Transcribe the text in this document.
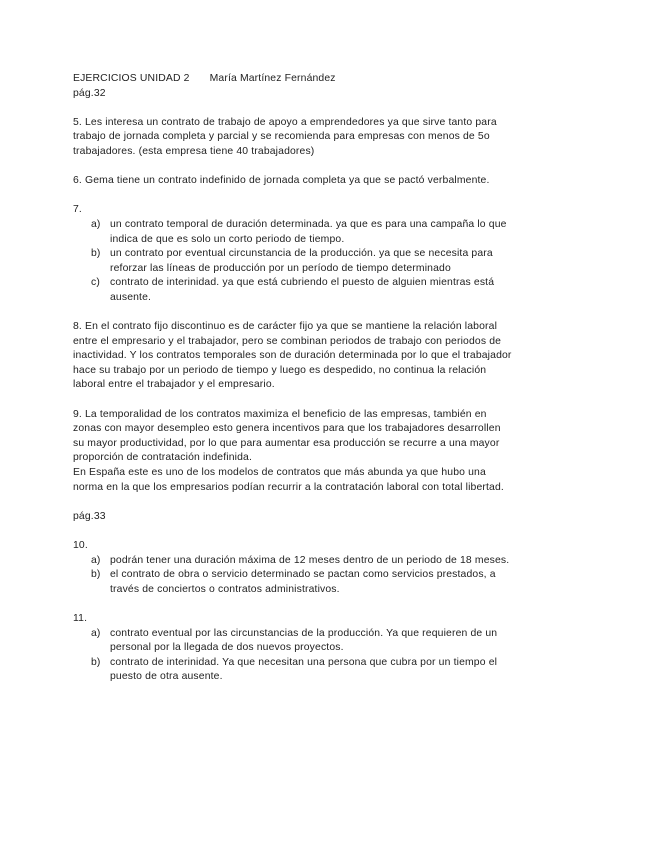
EJERCICIOS UNIDAD 2 María Martínez Fernández
pág.32
5. Les interesa un contrato de trabajo de apoyo a emprendedores ya que sirve tanto para
trabajo de jornada completa y parcial y se recomienda para empresas con menos de 5o
trabajadores. (esta empresa tiene 40 trabajadores)
6. Gema tiene un contrato indefinido de jornada completa ya que se pactó verbalmente.
7.
a) un contrato temporal de duración determinada. ya que es para una campaña lo que
indica de que es solo un corto periodo de tiempo.
b) un contrato por eventual circunstancia de la producción. ya que se necesita para
reforzar las líneas de producción por un período de tiempo determinado
c) contrato de interinidad. ya que está cubriendo el puesto de alguien mientras está
ausente.
8. En el contrato fijo discontinuo es de carácter fijo ya que se mantiene la relación laboral
entre el empresario y el trabajador, pero se combinan periodos de trabajo con periodos de
inactividad. Y los contratos temporales son de duración determinada por lo que el trabajador
hace su trabajo por un periodo de tiempo y luego es despedido, no continua la relación
laboral entre el trabajador y el empresario.
9. La temporalidad de los contratos maximiza el beneficio de las empresas, también en
zonas con mayor desempleo esto genera incentivos para que los trabajadores desarrollen
su mayor productividad, por lo que para aumentar esa producción se recurre a una mayor
proporción de contratación indefinida.
En España este es uno de los modelos de contratos que más abunda ya que hubo una
norma en la que los empresarios podían recurrir a la contratación laboral con total libertad.
pág.33
10.
a) podrán tener una duración máxima de 12 meses dentro de un periodo de 18 meses.
b) el contrato de obra o servicio determinado se pactan como servicios prestados, a
través de conciertos o contratos administrativos.
11.
a) contrato eventual por las circunstancias de la producción. Ya que requieren de un
personal por la llegada de dos nuevos proyectos.
b) contrato de interinidad. Ya que necesitan una persona que cubra por un tiempo el
puesto de otra ausente.
